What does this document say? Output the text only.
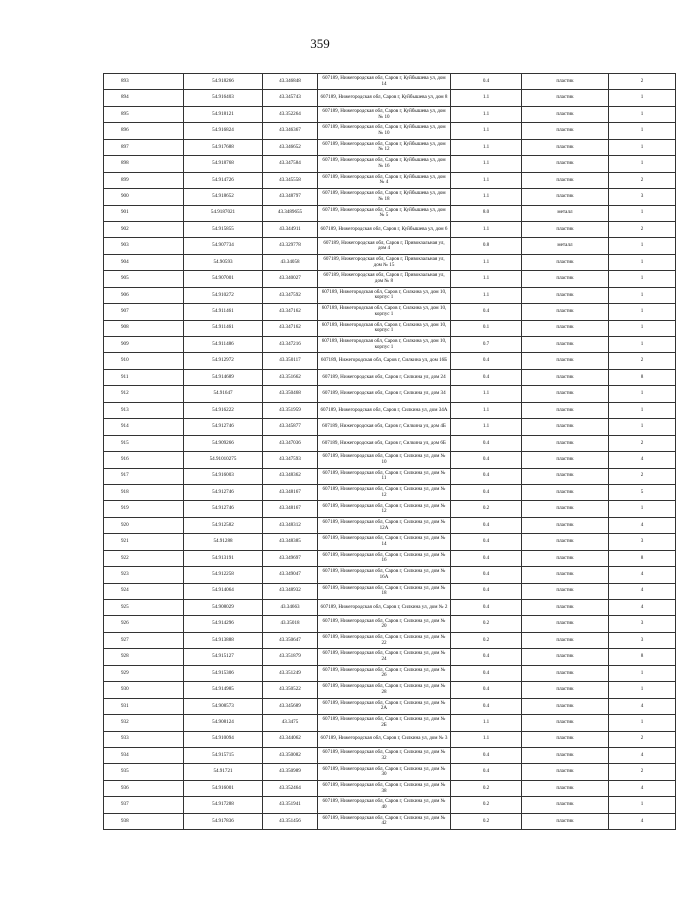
359
893	54.918266	43.346848	607189, Нижегородская обл, Саров г, Куйбышева ул, дом 14	0.4	пластик	2
894	54.916403	43.345743	607189, Нижегородская обл, Саров г, Куйбышева ул, дом 8	1.1	пластик	1
895	54.918121	43.352264	607189, Нижегородская обл, Саров г, Куйбышева ул, дом № 10	1.1	пластик	1
896	54.916824	43.346367	607189, Нижегородская обл, Саров г, Куйбышева ул, дом № 10	1.1	пластик	1
897	54.917688	43.346652	607189, Нижегородская обл, Саров г, Куйбышева ул, дом № 12	1.1	пластик	1
898	54.918768	43.347584	607189, Нижегородская обл, Саров г, Куйбышева ул, дом № 16	1.1	пластик	1
899	54.914726	43.345558	607189, Нижегородская обл, Саров г, Куйбышева ул, дом № 4	1.1	пластик	2
900	54.918652	43.348797	607189, Нижегородская обл, Саров г, Куйбышева ул, дом № 18	1.1	пластик	3
901	54.9187021	43.3489655	607189, Нижегородская обл, Саров г, Куйбышева ул, дом № 5	8.0	металл	1
902	54.915855	43.344911	607189, Нижегородская обл, Саров г, Куйбышева ул, дом 6	1.1	пластик	2
903	54.907734	43.329778	607189, Нижегородская обл, Саров г, Привокзальная ул, дом 4	0.8	металл	1
904	54.90593	43.34058	607189, Нижегородская обл, Саров г, Привокзальная ул, дом № 15	1.1	пластик	1
905	54.907001	43.340027	607189, Нижегородская обл, Саров г, Привокзальная ул, дом № 8	1.1	пластик	1
906	54.910272	43.347592	607189, Нижегородская обл, Саров г, Силкина ул, дом 10, корпус 1	1.1	пластик	1
907	54.911461	43.347162	607189, Нижегородская обл, Саров г, Силкина ул, дом 10, корпус 1	0.4	пластик	1
908	54.911461	43.347162	607189, Нижегородская обл, Саров г, Силкина ул, дом 10, корпус 1	0.1	пластик	1
909	54.911486	43.347216	607189, Нижегородская обл, Саров г, Силкина ул, дом 10, корпус 1	0.7	пластик	1
910	54.912972	43.350117	607189, Нижегородская обл, Саров г, Силкина ул, дом 16Б	0.4	пластик	2
911	54.914689	43.351662	607189, Нижегородская обл, Саров г, Силкина ул, дом 24	0.4	пластик	8
912	54.91647	43.350468	607189, Нижегородская обл, Саров г, Силкина ул, дом 34	1.1	пластик	1
913	54.916222	43.351959	607189, Нижегородская обл, Саров г, Силкина ул, дом 34А	1.1	пластик	1
914	54.912746	43.345877	607189, Нижегородская обл, Саров г, Силкина ул, дом 4Б	1.1	пластик	1
915	54.909266	43.347036	607189, Нижегородская обл, Саров г, Силкина ул, дом 6Б	0.4	пластик	2
916	54.91010275	43.347593	607189, Нижегородская обл, Саров г, Силкина ул, дом № 10	0.4	пластик	4
917	54.916003	43.348362	607189, Нижегородская обл, Саров г, Силкина ул, дом № 11	0.4	пластик	2
918	54.912746	43.348167	607189, Нижегородская обл, Саров г, Силкина ул, дом № 12	0.4	пластик	5
919	54.912746	43.348167	607189, Нижегородская обл, Саров г, Силкина ул, дом № 12	0.2	пластик	1
920	54.912582	43.348312	607189, Нижегородская обл, Саров г, Силкина ул, дом № 12А	0.4	пластик	4
921	54.91288	43.348385	607189, Нижегородская обл, Саров г, Силкина ул, дом № 14	0.4	пластик	3
922	54.913191	43.349697	607189, Нижегородская обл, Саров г, Силкина ул, дом № 16	0.4	пластик	8
923	54.912258	43.349047	607189, Нижегородская обл, Саров г, Силкина ул, дом № 16А	0.4	пластик	4
924	54.914064	43.348932	607189, Нижегородская обл, Саров г, Силкина ул, дом № 18	0.4	пластик	4
925	54.908029	43.34663	607189, Нижегородская обл, Саров г, Силкина ул, дом № 2	0.4	пластик	4
926	54.914296	43.35018	607189, Нижегородская обл, Саров г, Силкина ул, дом № 20	0.2	пластик	3
927	54.913888	43.350647	607189, Нижегородская обл, Саров г, Силкина ул, дом № 22	0.2	пластик	3
928	54.915127	43.351879	607189, Нижегородская обл, Саров г, Силкина ул, дом № 24	0.4	пластик	8
929	54.915306	43.351249	607189, Нижегородская обл, Саров г, Силкина ул, дом № 26	0.4	пластик	1
930	54.914985	43.350522	607189, Нижегородская обл, Саров г, Силкина ул, дом № 28	0.4	пластик	1
931	54.908573	43.345689	607189, Нижегородская обл, Саров г, Силкина ул, дом № 2А	0.4	пластик	4
932	54.908124	43.3475	607189, Нижегородская обл, Саров г, Силкина ул, дом № 2Б	1.1	пластик	1
933	54.910094	43.344062	607189, Нижегородская обл, Саров г, Силкина ул, дом № 3	1.1	пластик	2
934	54.915715	43.350082	607189, Нижегородская обл, Саров г, Силкина ул, дом № 32	0.4	пластик	4
935	54.91721	43.350989	607189, Нижегородская обл, Саров г, Силкина ул, дом № 30	0.4	пластик	2
936	54.916001	43.352464	607189, Нижегородская обл, Саров г, Силкина ул, дом № 38	0.2	пластик	4
937	54.917288	43.351941	607189, Нижегородская обл, Саров г, Силкина ул, дом № 40	0.2	пластик	1
938	54.917836	43.351456	607189, Нижегородская обл, Саров г, Силкина ул, дом № 42	0.2	пластик	4
